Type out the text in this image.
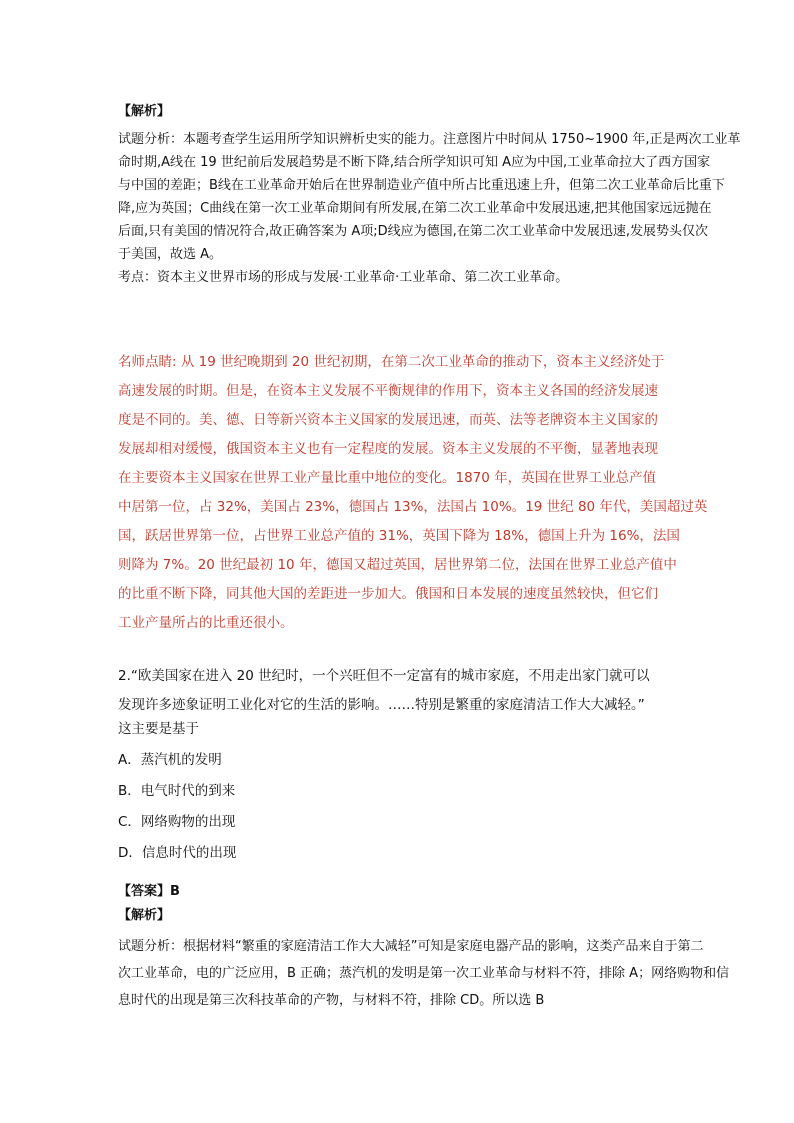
【解析】
试题分析：本题考查学生运用所学知识辨析史实的能力。注意图片中时间从 1750~1900 年,正是两次工业革
命时期,A线在 19 世纪前后发展趋势是不断下降,结合所学知识可知 A应为中国,工业革命拉大了西方国家
与中国的差距；B线在工业革命开始后在世界制造业产值中所占比重迅速上升，但第二次工业革命后比重下
降,应为英国；C曲线在第一次工业革命期间有所发展,在第二次工业革命中发展迅速,把其他国家远远抛在
后面,只有美国的情况符合,故正确答案为 A项;D线应为德国,在第二次工业革命中发展迅速,发展势头仅次
于美国，故选 A。
考点：资本主义世界市场的形成与发展·工业革命·工业革命、第二次工业革命。
名师点睛: 从 19 世纪晚期到 20 世纪初期，在第二次工业革命的推动下，资本主义经济处于
高速发展的时期。但是，在资本主义发展不平衡规律的作用下，资本主义各国的经济发展速
度是不同的。美、德、日等新兴资本主义国家的发展迅速，而英、法等老牌资本主义国家的
发展却相对缓慢，俄国资本主义也有一定程度的发展。资本主义发展的不平衡，显著地表现
在主要资本主义国家在世界工业产量比重中地位的变化。1870 年，英国在世界工业总产值
中居第一位，占 32%，美国占 23%，德国占 13%，法国占 10%。19 世纪 80 年代，美国超过英
国，跃居世界第一位，占世界工业总产值的 31%，英国下降为 18%，德国上升为 16%，法国
则降为 7%。20 世纪最初 10 年，德国又超过英国，居世界第二位，法国在世界工业总产值中
的比重不断下降，同其他大国的差距进一步加大。俄国和日本发展的速度虽然较快，但它们
工业产量所占的比重还很小。
2.“欧美国家在进入 20 世纪时，一个兴旺但不一定富有的城市家庭，不用走出家门就可以
发现许多迹象证明工业化对它的生活的影响。……特别是繁重的家庭清洁工作大大减轻。”
这主要是基于
A．蒸汽机的发明
B．电气时代的到来
C．网络购物的出现
D．信息时代的出现
【答案】B
【解析】
试题分析：根据材料“繁重的家庭清洁工作大大减轻”可知是家庭电器产品的影响，这类产品来自于第二
次工业革命，电的广泛应用，B 正确；蒸汽机的发明是第一次工业革命与材料不符，排除 A；网络购物和信
息时代的出现是第三次科技革命的产物，与材料不符，排除 CD。所以选 B
